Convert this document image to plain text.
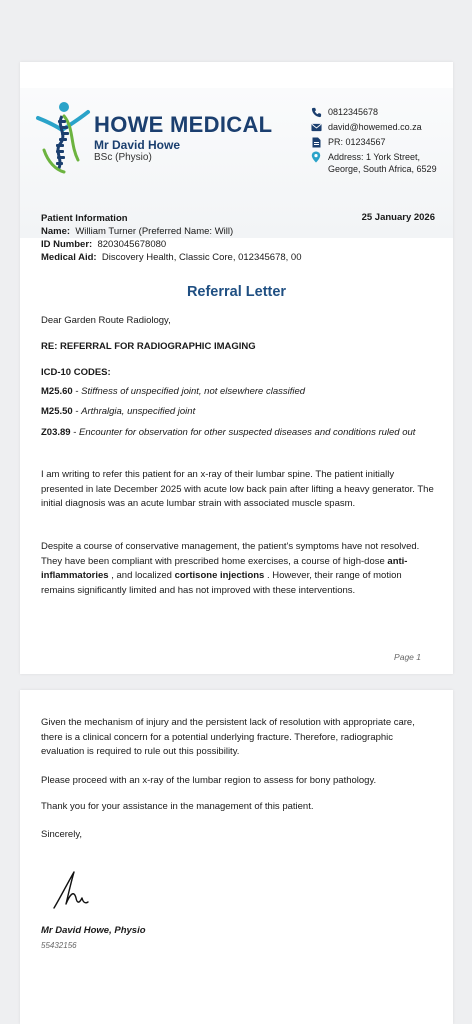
HOWE MEDICAL
Mr David Howe
BSc (Physio)
0812345678
david@howemed.co.za
PR: 01234567
Address: 1 York Street,
George, South Africa, 6529
25 January 2026
Patient Information
Name: William Turner (Preferred Name: Will)
ID Number: 8203045678080
Medical Aid: Discovery Health, Classic Core, 012345678, 00
Referral Letter
Dear Garden Route Radiology,
RE: REFERRAL FOR RADIOGRAPHIC IMAGING
ICD-10 CODES:
M25.60 - Stiffness of unspecified joint, not elsewhere classified
M25.50 - Arthralgia, unspecified joint
Z03.89 - Encounter for observation for other suspected diseases and conditions ruled out
I am writing to refer this patient for an x-ray of their lumbar spine. The patient initially presented in late December 2025 with acute low back pain after lifting a heavy generator. The initial diagnosis was an acute lumbar strain with associated muscle spasm.
Despite a course of conservative management, the patient's symptoms have not resolved. They have been compliant with prescribed home exercises, a course of high-dose anti-inflammatories , and localized cortisone injections . However, their range of motion remains significantly limited and has not improved with these interventions.
Page 1
Given the mechanism of injury and the persistent lack of resolution with appropriate care, there is a clinical concern for a potential underlying fracture. Therefore, radiographic evaluation is required to rule out this possibility.
Please proceed with an x-ray of the lumbar region to assess for bony pathology.
Thank you for your assistance in the management of this patient.
Sincerely,
Mr David Howe, Physio
55432156
